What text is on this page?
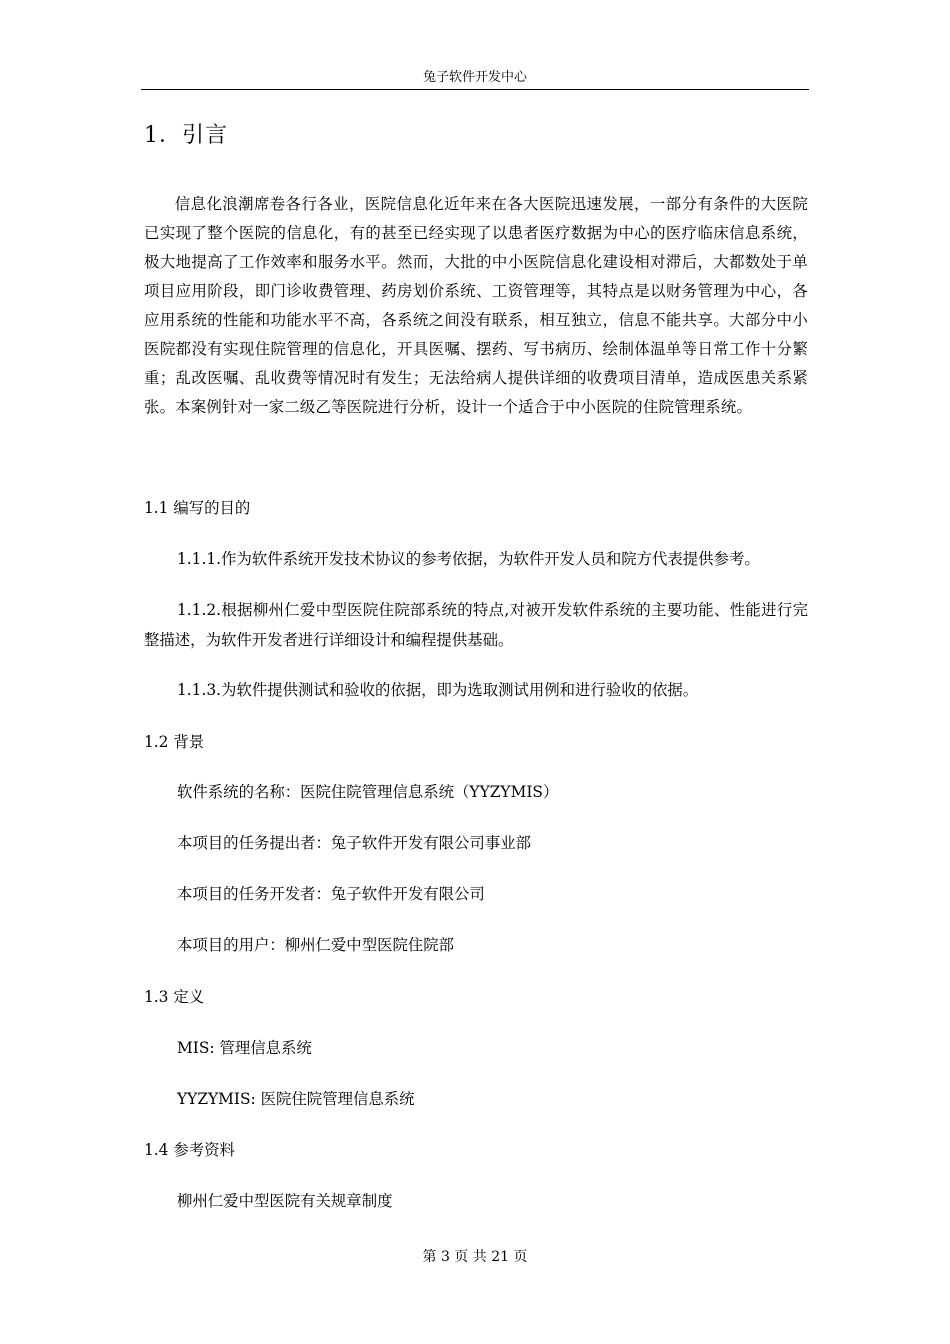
兔子软件开发中心
1．引言

信息化浪潮席卷各行各业，医院信息化近年来在各大医院迅速发展，一部分有条件的大医院已实现了整个医院的信息化，有的甚至已经实现了以患者医疗数据为中心的医疗临床信息系统，极大地提高了工作效率和服务水平。然而，大批的中小医院信息化建设相对滞后，大都数处于单项目应用阶段，即门诊收费管理、药房划价系统、工资管理等，其特点是以财务管理为中心，各应用系统的性能和功能水平不高，各系统之间没有联系，相互独立，信息不能共享。大部分中小医院都没有实现住院管理的信息化，开具医嘱、摆药、写书病历、绘制体温单等日常工作十分繁重；乱改医嘱、乱收费等情况时有发生；无法给病人提供详细的收费项目清单，造成医患关系紧张。本案例针对一家二级乙等医院进行分析，设计一个适合于中小医院的住院管理系统。

1.1 编写的目的

1.1.1.作为软件系统开发技术协议的参考依据，为软件开发人员和院方代表提供参考。

1.1.2.根据柳州仁爱中型医院住院部系统的特点,对被开发软件系统的主要功能、性能进行完整描述，为软件开发者进行详细设计和编程提供基础。

1.1.3.为软件提供测试和验收的依据，即为选取测试用例和进行验收的依据。

1.2 背景

软件系统的名称：医院住院管理信息系统（YYZYMIS）

本项目的任务提出者：兔子软件开发有限公司事业部

本项目的任务开发者：兔子软件开发有限公司

本项目的用户：柳州仁爱中型医院住院部

1.3 定义

MIS: 管理信息系统

YYZYMIS: 医院住院管理信息系统

1.4 参考资料

柳州仁爱中型医院有关规章制度

第 3 页 共 21 页
